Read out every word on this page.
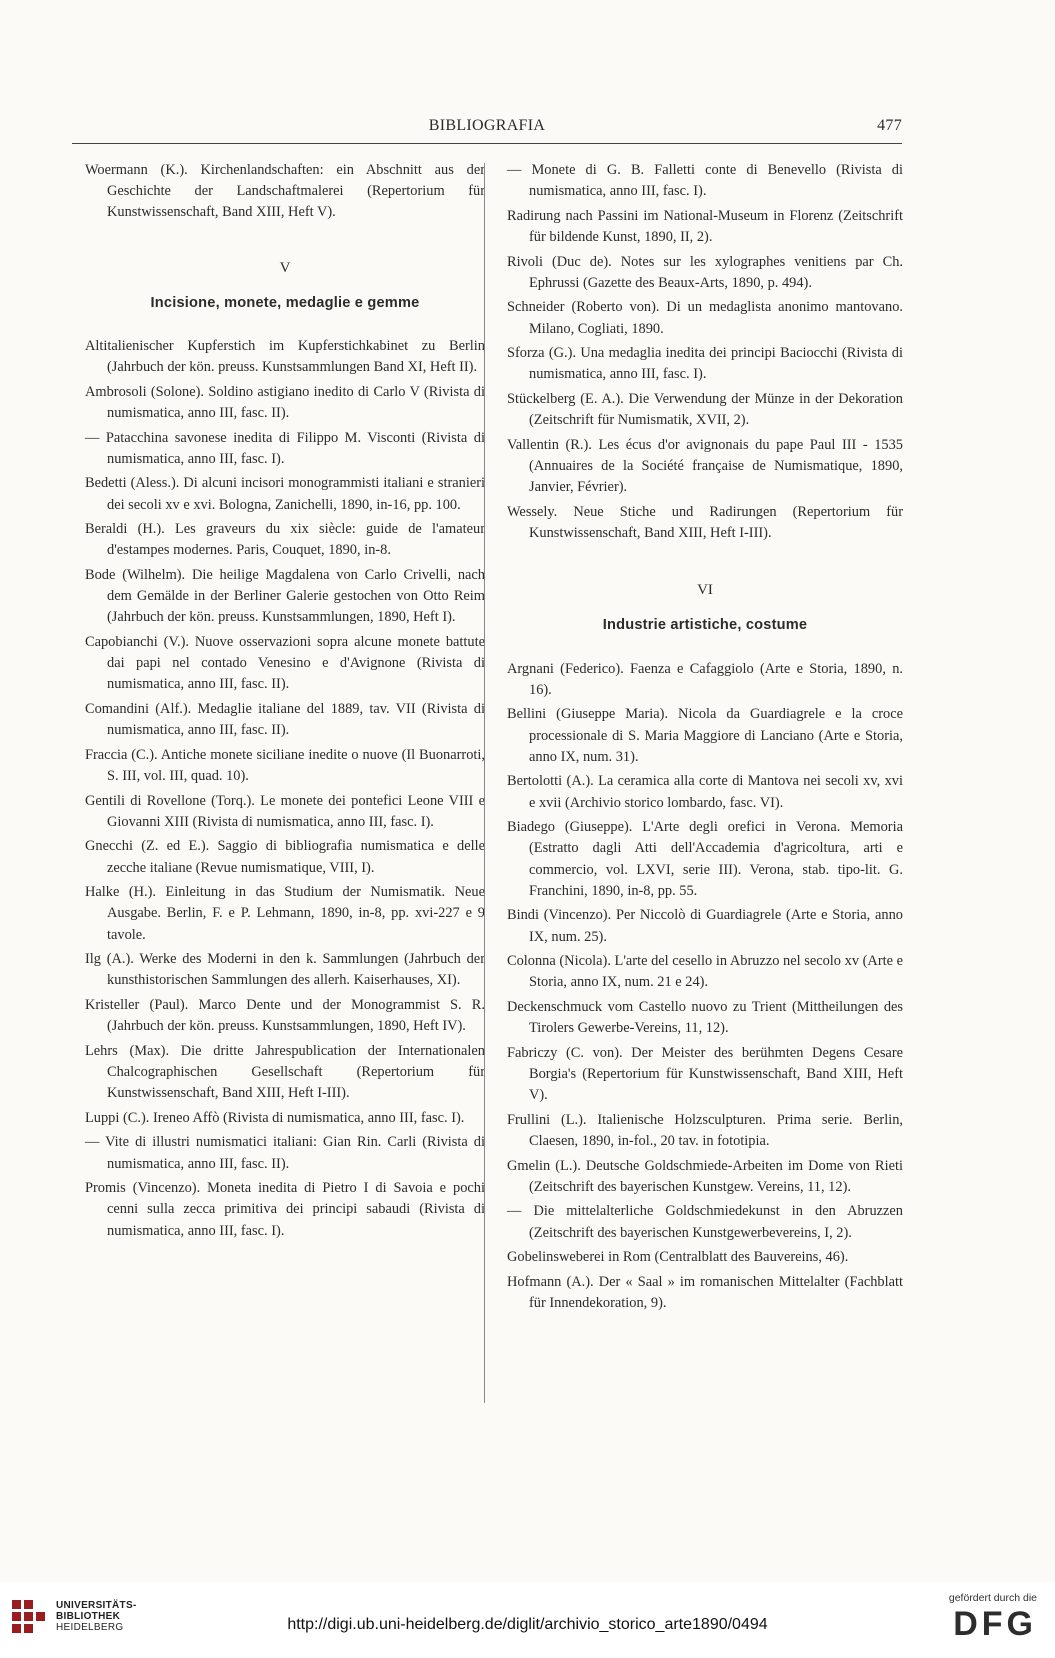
BIBLIOGRAFIA	477

Woermann (K.). Kirchenlandschaften: ein Abschnitt aus der Geschichte der Landschaftmalerei (Repertorium für Kunstwissenschaft, Band XIII, Heft V).

V
Incisione, monete, medaglie e gemme

Altitalienischer Kupferstich im Kupferstichkabinet zu Berlin (Jahrbuch der kön. preuss. Kunstsammlungen Band XI, Heft II).

Ambrosoli (Solone). Soldino astigiano inedito di Carlo V (Rivista di numismatica, anno III, fasc. II).

— Patacchina savonese inedita di Filippo M. Visconti (Rivista di numismatica, anno III, fasc. I).

Bedetti (Aless.). Di alcuni incisori monogrammisti italiani e stranieri dei secoli xv e xvi. Bologna, Zanichelli, 1890, in-16, pp. 100.

Beraldi (H.). Les graveurs du xix siècle: guide de l'amateur d'estampes modernes. Paris, Couquet, 1890, in-8.

Bode (Wilhelm). Die heilige Magdalena von Carlo Crivelli, nach dem Gemälde in der Berliner Galerie gestochen von Otto Reim (Jahrbuch der kön. preuss. Kunstsammlungen, 1890, Heft I).

Capobianchi (V.). Nuove osservazioni sopra alcune monete battute dai papi nel contado Venesino e d'Avignone (Rivista di numismatica, anno III, fasc. II).

Comandini (Alf.). Medaglie italiane del 1889, tav. VII (Rivista di numismatica, anno III, fasc. II).

Fraccia (C.). Antiche monete siciliane inedite o nuove (Il Buonarroti, S. III, vol. III, quad. 10).

Gentili di Rovellone (Torq.). Le monete dei pontefici Leone VIII e Giovanni XIII (Rivista di numismatica, anno III, fasc. I).

Gnecchi (Z. ed E.). Saggio di bibliografia numismatica e delle zecche italiane (Revue numismatique, VIII, I).

Halke (H.). Einleitung in das Studium der Numismatik. Neue Ausgabe. Berlin, F. e P. Lehmann, 1890, in-8, pp. xvi-227 e 9 tavole.

Ilg (A.). Werke des Moderni in den k. Sammlungen (Jahrbuch der kunsthistorischen Sammlungen des allerh. Kaiserhauses, XI).

Kristeller (Paul). Marco Dente und der Monogrammist S. R. (Jahrbuch der kön. preuss. Kunstsammlungen, 1890, Heft IV).

Lehrs (Max). Die dritte Jahrespublication der Internationalen Chalcographischen Gesellschaft (Repertorium für Kunstwissenschaft, Band XIII, Heft I-III).

Luppi (C.). Ireneo Affò (Rivista di numismatica, anno III, fasc. I).

— Vite di illustri numismatici italiani: Gian Rin. Carli (Rivista di numismatica, anno III, fasc. II).

Promis (Vincenzo). Moneta inedita di Pietro I di Savoia e pochi cenni sulla zecca primitiva dei principi sabaudi (Rivista di numismatica, anno III, fasc. I).

— Monete di G. B. Falletti conte di Benevello (Rivista di numismatica, anno III, fasc. I).

Radirung nach Passini im National-Museum in Florenz (Zeitschrift für bildende Kunst, 1890, II, 2).

Rivoli (Duc de). Notes sur les xylographes venitiens par Ch. Ephrussi (Gazette des Beaux-Arts, 1890, p. 494).

Schneider (Roberto von). Di un medaglista anonimo mantovano. Milano, Cogliati, 1890.

Sforza (G.). Una medaglia inedita dei principi Baciocchi (Rivista di numismatica, anno III, fasc. I).

Stückelberg (E. A.). Die Verwendung der Münze in der Dekoration (Zeitschrift für Numismatik, XVII, 2).

Vallentin (R.). Les écus d'or avignonais du pape Paul III - 1535 (Annuaires de la Société française de Numismatique, 1890, Janvier, Février).

Wessely. Neue Stiche und Radirungen (Repertorium für Kunstwissenschaft, Band XIII, Heft I-III).

VI
Industrie artistiche, costume

Argnani (Federico). Faenza e Cafaggiolo (Arte e Storia, 1890, n. 16).

Bellini (Giuseppe Maria). Nicola da Guardiagrele e la croce processionale di S. Maria Maggiore di Lanciano (Arte e Storia, anno IX, num. 31).

Bertolotti (A.). La ceramica alla corte di Mantova nei secoli xv, xvi e xvii (Archivio storico lombardo, fasc. VI).

Biadego (Giuseppe). L'Arte degli orefici in Verona. Memoria (Estratto dagli Atti dell'Accademia d'agricoltura, arti e commercio, vol. LXVI, serie III). Verona, stab. tipo-lit. G. Franchini, 1890, in-8, pp. 55.

Bindi (Vincenzo). Per Niccolò di Guardiagrele (Arte e Storia, anno IX, num. 25).

Colonna (Nicola). L'arte del cesello in Abruzzo nel secolo xv (Arte e Storia, anno IX, num. 21 e 24).

Deckenschmuck vom Castello nuovo zu Trient (Mittheilungen des Tirolers Gewerbe-Vereins, 11, 12).

Fabriczy (C. von). Der Meister des berühmten Degens Cesare Borgia's (Repertorium für Kunstwissenschaft, Band XIII, Heft V).

Frullini (L.). Italienische Holzsculpturen. Prima serie. Berlin, Claesen, 1890, in-fol., 20 tav. in fototipia.

Gmelin (L.). Deutsche Goldschmiede-Arbeiten im Dome von Rieti (Zeitschrift des bayerischen Kunstgew. Vereins, 11, 12).

— Die mittelalterliche Goldschmiedekunst in den Abruzzen (Zeitschrift des bayerischen Kunstgewerbevereins, I, 2).

Gobelinsweberei in Rom (Centralblatt des Bauvereins, 46).

Hofmann (A.). Der « Saal » im romanischen Mittelalter (Fachblatt für Innendekoration, 9).

UNIVERSITÄTS-
BIBLIOTHEK
HEIDELBERG	http://digi.ub.uni-heidelberg.de/diglit/archivio_storico_arte1890/0494
gefördert durch die
DFG
